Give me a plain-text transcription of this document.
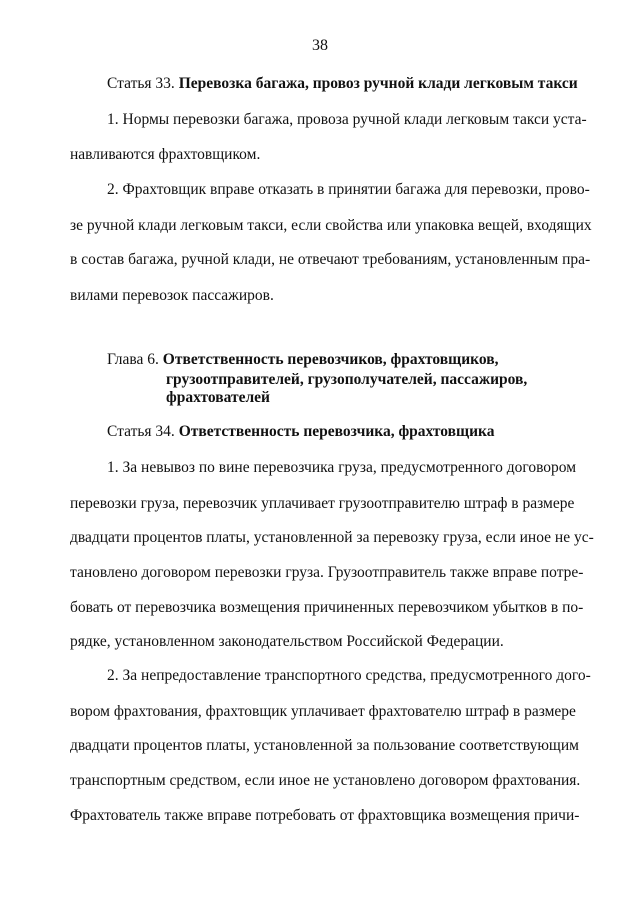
38
Статья 33. Перевозка багажа, провоз ручной клади легковым такси
1. Нормы перевозки багажа, провоза ручной клади легковым такси уста-
навливаются фрахтовщиком.
2. Фрахтовщик вправе отказать в принятии багажа для перевозки, прово-
зе ручной клади легковым такси, если свойства или упаковка вещей, входящих
в состав багажа, ручной клади, не отвечают требованиям, установленным пра-
вилами перевозок пассажиров.
Глава 6. Ответственность перевозчиков, фрахтовщиков,
грузоотправителей, грузополучателей, пассажиров,
фрахтователей
Статья 34. Ответственность перевозчика, фрахтовщика
1. За невывоз по вине перевозчика груза, предусмотренного договором
перевозки груза, перевозчик уплачивает грузоотправителю штраф в размере
двадцати процентов платы, установленной за перевозку груза, если иное не ус-
тановлено договором перевозки груза. Грузоотправитель также вправе потре-
бовать от перевозчика возмещения причиненных перевозчиком убытков в по-
рядке, установленном законодательством Российской Федерации.
2. За непредоставление транспортного средства, предусмотренного дого-
вором фрахтования, фрахтовщик уплачивает фрахтователю штраф в размере
двадцати процентов платы, установленной за пользование соответствующим
транспортным средством, если иное не установлено договором фрахтования.
Фрахтователь также вправе потребовать от фрахтовщика возмещения причи-
